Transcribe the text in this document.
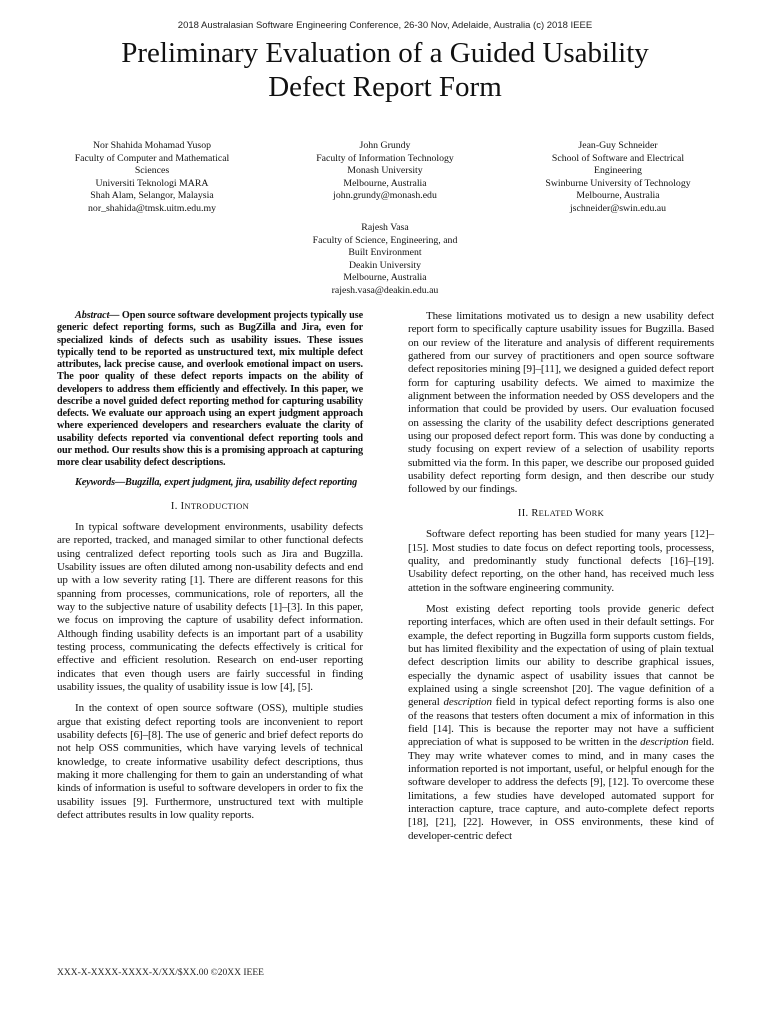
2018 Australasian Software Engineering Conference, 26-30 Nov, Adelaide, Australia (c) 2018 IEEE
Preliminary Evaluation of a Guided Usability
Defect Report Form
Nor Shahida Mohamad Yusop
Faculty of Computer and Mathematical
Sciences
Universiti Teknologi MARA
Shah Alam, Selangor, Malaysia
nor_shahida@tmsk.uitm.edu.my
John Grundy
Faculty of Information Technology
Monash University
Melbourne, Australia
john.grundy@monash.edu
Jean-Guy Schneider
School of Software and Electrical
Engineering
Swinburne University of Technology
Melbourne, Australia
jschneider@swin.edu.au
Rajesh Vasa
Faculty of Science, Engineering, and
Built Environment
Deakin University
Melbourne, Australia
rajesh.vasa@deakin.edu.au

Abstract— Open source software development projects typically use generic defect reporting forms, such as BugZilla and Jira, even for specialized kinds of defects such as usability issues. These issues typically tend to be reported as unstructured text, mix multiple defect attributes, lack precise cause, and overlook emotional impact on users. The poor quality of these defect reports impacts on the ability of developers to address them efficiently and effectively. In this paper, we describe a novel guided defect reporting method for capturing usability defects. We evaluate our approach using an expert judgment approach where experienced developers and researchers evaluate the clarity of usability defects reported via conventional defect reporting tools and our method. Our results show this is a promising approach at capturing more clear usability defect descriptions.

Keywords—Bugzilla, expert judgment, jira, usability defect reporting

I. INTRODUCTION

In typical software development environments, usability defects are reported, tracked, and managed similar to other functional defects using centralized defect reporting tools such as Jira and Bugzilla. Usability issues are often diluted among non-usability defects and end up with a low severity rating [1]. There are different reasons for this spanning from processes, communications, role of reporters, all the way to the subjective nature of usability defects [1]–[3]. In this paper, we focus on improving the capture of usability defect information. Although finding usability defects is an important part of a usability testing process, communicating the defects effectively is critical for effective and efficient resolution. Research on end-user reporting indicates that even though users are fairly successful in finding usability issues, the quality of usability issue is low [4], [5].

In the context of open source software (OSS), multiple studies argue that existing defect reporting tools are inconvenient to report usability defects [6]–[8]. The use of generic and brief defect reports do not help OSS communities, which have varying levels of technical knowledge, to create informative usability defect descriptions, thus making it more challenging for them to gain an understanding of what kinds of information is useful to software developers in order to fix the usability issues [9]. Furthermore, unstructured text with multiple defect attributes results in low quality reports.

These limitations motivated us to design a new usability defect report form to specifically capture usability issues for Bugzilla. Based on our review of the literature and analysis of different requirements gathered from our survey of practitioners and open source software defect repositories mining [9]–[11], we designed a guided defect report form for capturing usability defects. We aimed to maximize the alignment between the information needed by OSS developers and the information that could be provided by users. Our evaluation focused on assessing the clarity of the usability defect descriptions generated using our proposed defect report form. This was done by conducting a study focusing on expert review of a selection of usability reports submitted via the form. In this paper, we describe our proposed guided usability defect reporting form design, and then describe our study followed by our findings.

II. RELATED WORK

Software defect reporting has been studied for many years [12]–[15]. Most studies to date focus on defect reporting tools, processess, quality, and predominantly study functional defects [16]–[19]. Usability defect reporting, on the other hand, has received much less attetion in the software engineering community.

Most existing defect reporting tools provide generic defect reporting interfaces, which are often used in their default settings. For example, the defect reporting in Bugzilla form supports custom fields, but has limited flexibility and the expectation of using of plain textual defect description limits our ability to describe graphical issues, especially the dynamic aspect of usability issues that cannot be explained using a single screenshot [20]. The vague definition of a general description field in typical defect reporting forms is also one of the reasons that testers often document a mix of information in this field [14]. This is because the reporter may not have a sufficient appreciation of what is supposed to be written in the description field. They may write whatever comes to mind, and in many cases the information reported is not important, useful, or helpful enough for the software developer to address the defects [9], [12]. To overcome these limitations, a few studies have developed automated support for interaction capture, trace capture, and auto-complete defect reports [18], [21], [22]. However, in OSS environments, these kind of developer-centric defect

XXX-X-XXXX-XXXX-X/XX/$XX.00 ©20XX IEEE
